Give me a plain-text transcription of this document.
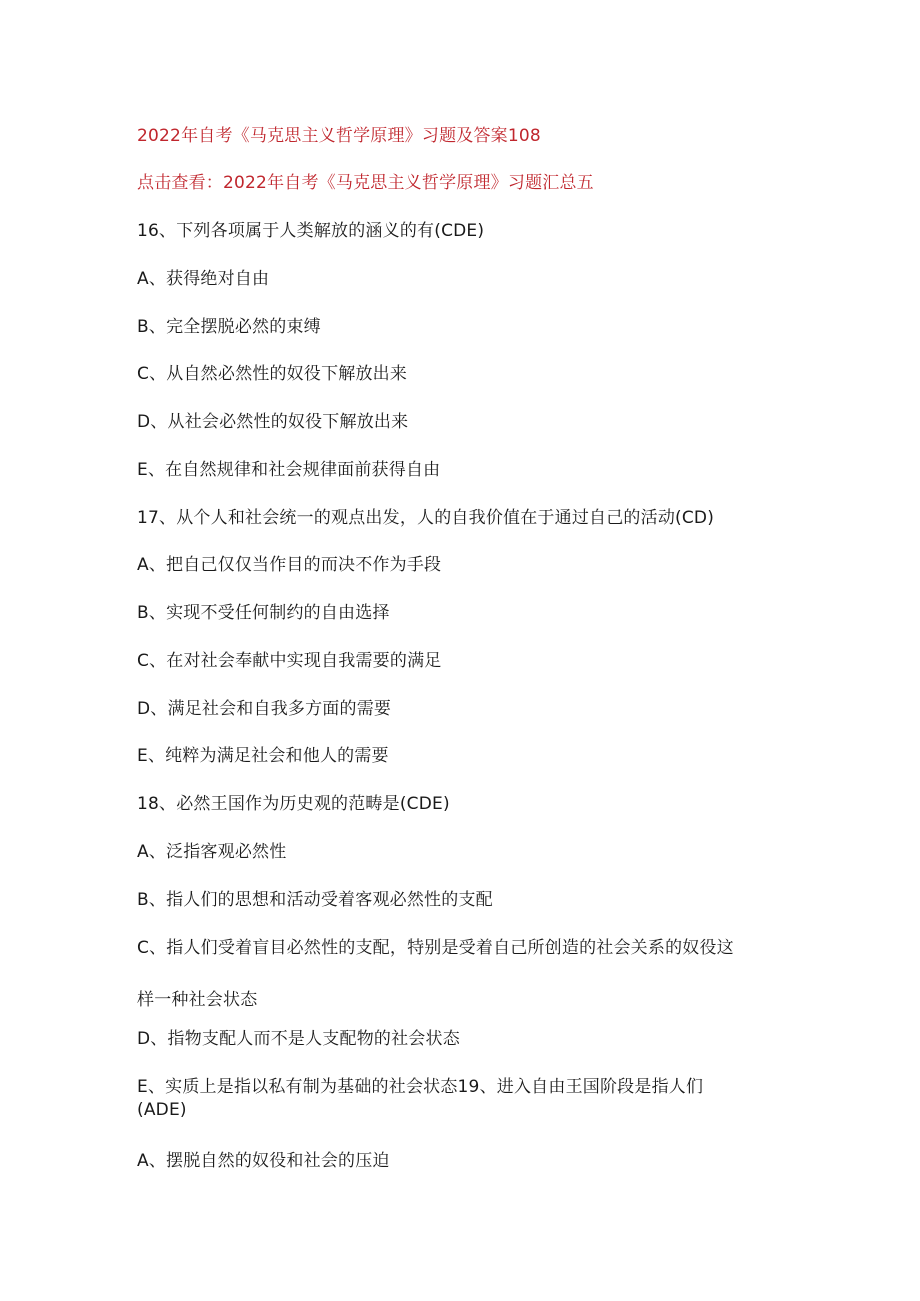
2022年自考《马克思主义哲学原理》习题及答案108
点击查看：2022年自考《马克思主义哲学原理》习题汇总五
16、下列各项属于人类解放的涵义的有(CDE)
A、获得绝对自由
B、完全摆脱必然的束缚
C、从自然必然性的奴役下解放出来
D、从社会必然性的奴役下解放出来
E、在自然规律和社会规律面前获得自由
17、从个人和社会统一的观点出发，人的自我价值在于通过自己的活动(CD)
A、把自己仅仅当作目的而决不作为手段
B、实现不受任何制约的自由选择
C、在对社会奉献中实现自我需要的满足
D、满足社会和自我多方面的需要
E、纯粹为满足社会和他人的需要
18、必然王国作为历史观的范畴是(CDE)
A、泛指客观必然性
B、指人们的思想和活动受着客观必然性的支配
C、指人们受着盲目必然性的支配，特别是受着自己所创造的社会关系的奴役这
样一种社会状态
D、指物支配人而不是人支配物的社会状态
E、实质上是指以私有制为基础的社会状态19、进入自由王国阶段是指人们
(ADE)
A、摆脱自然的奴役和社会的压迫
